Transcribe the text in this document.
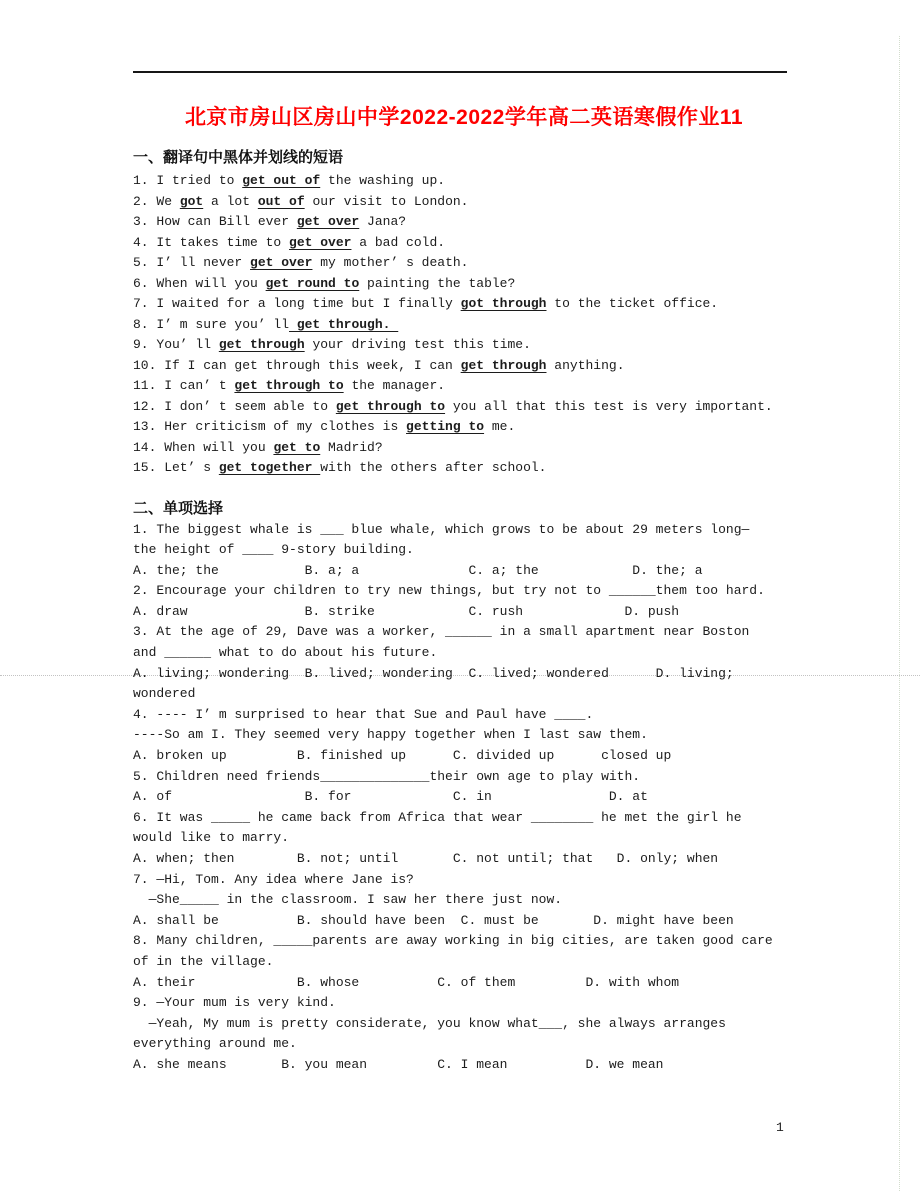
北京市房山区房山中学2022-2022学年高二英语寒假作业11
一、翻译句中黑体并划线的短语
1. I tried to get out of the washing up.
2. We got a lot out of our visit to London.
3. How can Bill ever get over Jana?
4. It takes time to get over a bad cold.
5. I’ ll never get over my mother’ s death.
6. When will you get round to painting the table?
7. I waited for a long time but I finally got through to the ticket office.
8. I’ m sure you’ ll get through.
9. You’ ll get through your driving test this time.
10. If I can get through this week, I can get through anything.
11. I can’ t get through to the manager.
12. I don’ t seem able to get through to you all that this test is very important.
13. Her criticism of my clothes is getting to me.
14. When will you get to Madrid?
15. Let’ s get together with the others after school.
二、单项选择
1. The biggest whale is ___ blue whale, which grows to be about 29 meters long—
the height of ____ 9-story building.
A. the; the           B. a; a              C. a; the            D. the; a
2. Encourage your children to try new things, but try not to ______them too hard.
A. draw               B. strike            C. rush             D. push
3. At the age of 29, Dave was a worker, ______ in a small apartment near Boston
and ______ what to do about his future.
A. living; wondering  B. lived; wondering  C. lived; wondered      D. living;
wondered
4. ---- I’ m surprised to hear that Sue and Paul have ____.
----So am I. They seemed very happy together when I last saw them.
A. broken up         B. finished up      C. divided up      closed up
5. Children need friends______________their own age to play with.
A. of                 B. for             C. in               D. at
6. It was _____ he came back from Africa that wear ________ he met the girl he
would like to marry.
A. when; then        B. not; until       C. not until; that   D. only; when
7. —Hi, Tom. Any idea where Jane is?
—She_____ in the classroom. I saw her there just now.
A. shall be          B. should have been  C. must be       D. might have been
8. Many children, _____parents are away working in big cities, are taken good care
of in the village.
A. their             B. whose          C. of them         D. with whom
9. —Your mum is very kind.
—Yeah, My mum is pretty considerate, you know what___, she always arranges
everything around me.
A. she means       B. you mean         C. I mean          D. we mean
1
